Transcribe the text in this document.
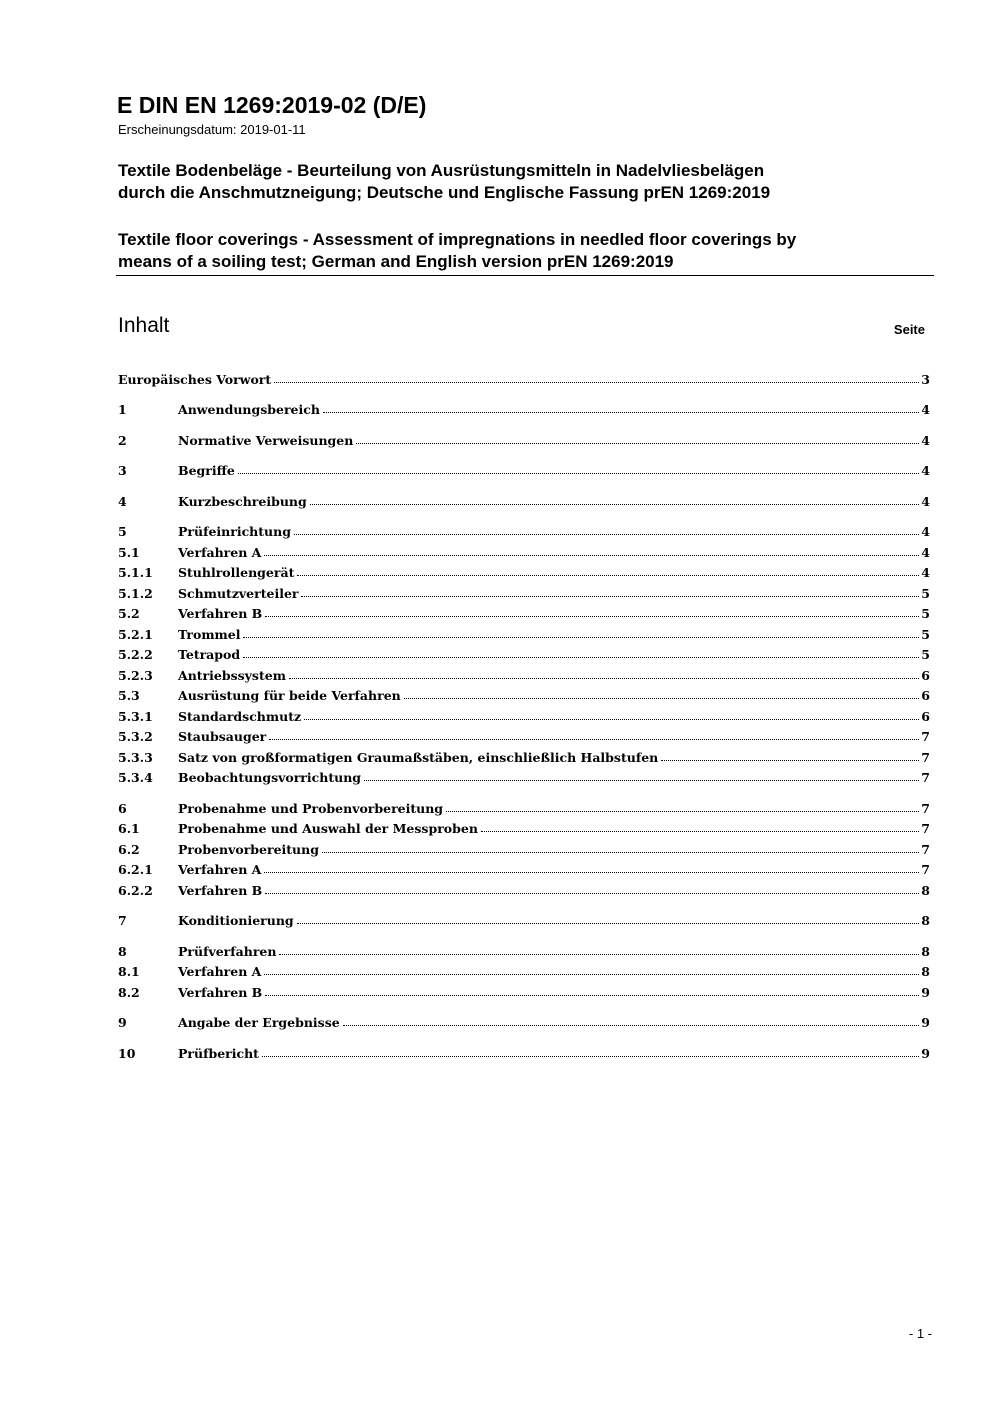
E DIN EN 1269:2019-02 (D/E)
Erscheinungsdatum: 2019-01-11
Textile Bodenbeläge - Beurteilung von Ausrüstungsmitteln in Nadelvliesbelägen
durch die Anschmutzneigung; Deutsche und Englische Fassung prEN 1269:2019
Textile floor coverings - Assessment of impregnations in needled floor coverings by
means of a soiling test; German and English version prEN 1269:2019
Inhalt	Seite
Europäisches Vorwort	3
1	Anwendungsbereich	4
2	Normative Verweisungen	4
3	Begriffe	4
4	Kurzbeschreibung	4
5	Prüfeinrichtung	4
5.1	Verfahren A	4
5.1.1	Stuhlrollengerät	4
5.1.2	Schmutzverteiler	5
5.2	Verfahren B	5
5.2.1	Trommel	5
5.2.2	Tetrapod	5
5.2.3	Antriebssystem	6
5.3	Ausrüstung für beide Verfahren	6
5.3.1	Standardschmutz	6
5.3.2	Staubsauger	7
5.3.3	Satz von großformatigen Graumaßstäben, einschließlich Halbstufen	7
5.3.4	Beobachtungsvorrichtung	7
6	Probenahme und Probenvorbereitung	7
6.1	Probenahme und Auswahl der Messproben	7
6.2	Probenvorbereitung	7
6.2.1	Verfahren A	7
6.2.2	Verfahren B	8
7	Konditionierung	8
8	Prüfverfahren	8
8.1	Verfahren A	8
8.2	Verfahren B	9
9	Angabe der Ergebnisse	9
10	Prüfbericht	9
- 1 -
